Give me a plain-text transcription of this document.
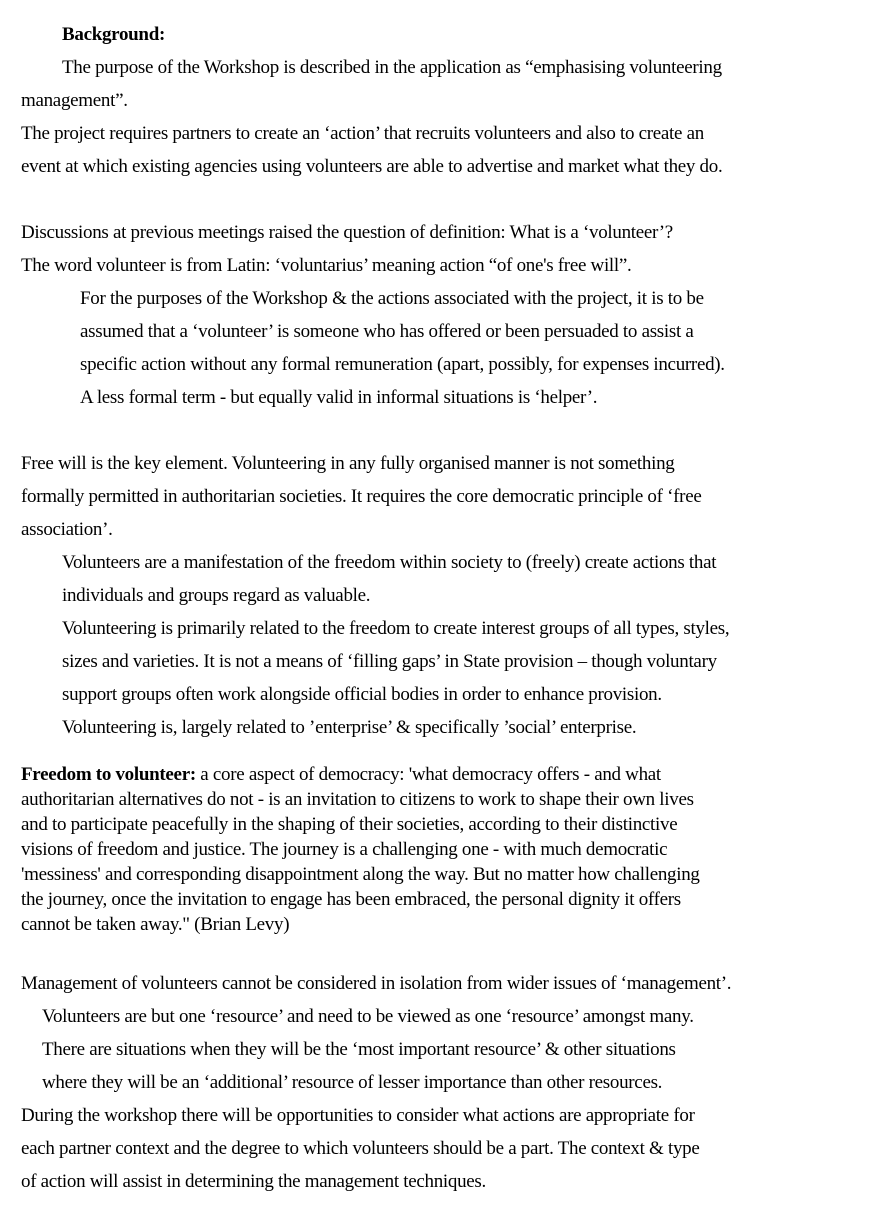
Background:
The purpose of the Workshop is described in the application as “emphasising volunteering
management”.
The project requires partners to create an ‘action’ that recruits volunteers and also to create an
event at which existing agencies using volunteers are able to advertise and market what they do.
Discussions at previous meetings raised the question of definition: What is a ‘volunteer’?
The word volunteer is from Latin: ‘voluntarius’ meaning action “of one's free will”.
For the purposes of the Workshop & the actions associated with the project, it is to be
assumed that a ‘volunteer’ is someone who has offered or been persuaded to assist a
specific action without any formal remuneration (apart, possibly, for expenses incurred).
A less formal term - but equally valid in informal situations is ‘helper’.
Free will is the key element. Volunteering in any fully organised manner is not something
formally permitted in authoritarian societies. It requires the core democratic principle of ‘free
association’.
Volunteers are a manifestation of the freedom within society to (freely) create actions that
individuals and groups regard as valuable.
Volunteering is primarily related to the freedom to create interest groups of all types, styles,
sizes and varieties. It is not a means of ‘filling gaps’ in State provision – though voluntary
support groups often work alongside official bodies in order to enhance provision.
Volunteering is, largely related to ’enterprise’ & specifically ’social’ enterprise.
Freedom to volunteer: a core aspect of democracy: 'what democracy offers - and what
authoritarian alternatives do not - is an invitation to citizens to work to shape their own lives
and to participate peacefully in the shaping of their societies, according to their distinctive
visions of freedom and justice. The journey is a challenging one - with much democratic
'messiness' and corresponding disappointment along the way. But no matter how challenging
the journey, once the invitation to engage has been embraced, the personal dignity it offers
cannot be taken away." (Brian Levy)
Management of volunteers cannot be considered in isolation from wider issues of ‘management’.
Volunteers are but one ‘resource’ and need to be viewed as one ‘resource’ amongst many.
There are situations when they will be the ‘most important resource’ & other situations
where they will be an ‘additional’ resource of lesser importance than other resources.
During the workshop there will be opportunities to consider what actions are appropriate for
each partner context and the degree to which volunteers should be a part. The context & type
of action will assist in determining the management techniques.
